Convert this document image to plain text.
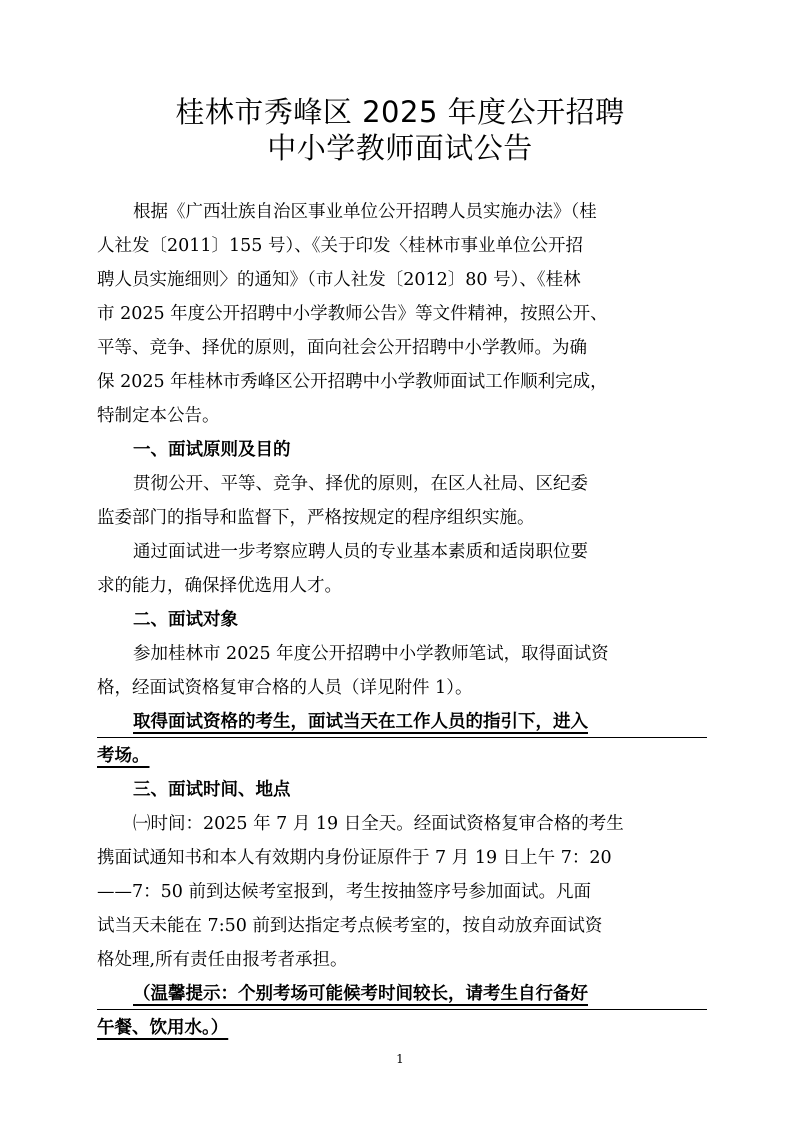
桂林市秀峰区 2025 年度公开招聘
中小学教师面试公告
根据《广西壮族自治区事业单位公开招聘人员实施办法》（桂
人社发〔2011〕155 号）、《关于印发〈桂林市事业单位公开招
聘人员实施细则〉的通知》（市人社发〔2012〕80 号）、《桂林
市 2025 年度公开招聘中小学教师公告》等文件精神，按照公开、
平等、竞争、择优的原则，面向社会公开招聘中小学教师。为确
保 2025 年桂林市秀峰区公开招聘中小学教师面试工作顺利完成，
特制定本公告。
一、面试原则及目的
贯彻公开、平等、竞争、择优的原则，在区人社局、区纪委
监委部门的指导和监督下，严格按规定的程序组织实施。
通过面试进一步考察应聘人员的专业基本素质和适岗职位要
求的能力，确保择优选用人才。
二、面试对象
参加桂林市 2025 年度公开招聘中小学教师笔试，取得面试资
格，经面试资格复审合格的人员（详见附件 1）。
取得面试资格的考生，面试当天在工作人员的指引下，进入
考场。
三、面试时间、地点
㈠时间：2025 年 7 月 19 日全天。经面试资格复审合格的考生
携面试通知书和本人有效期内身份证原件于 7 月 19 日上午 7：20
——7：50 前到达候考室报到，考生按抽签序号参加面试。凡面
试当天未能在 7:50 前到达指定考点候考室的，按自动放弃面试资
格处理,所有责任由报考者承担。
（温馨提示：个别考场可能候考时间较长，请考生自行备好
午餐、饮用水。）
1
